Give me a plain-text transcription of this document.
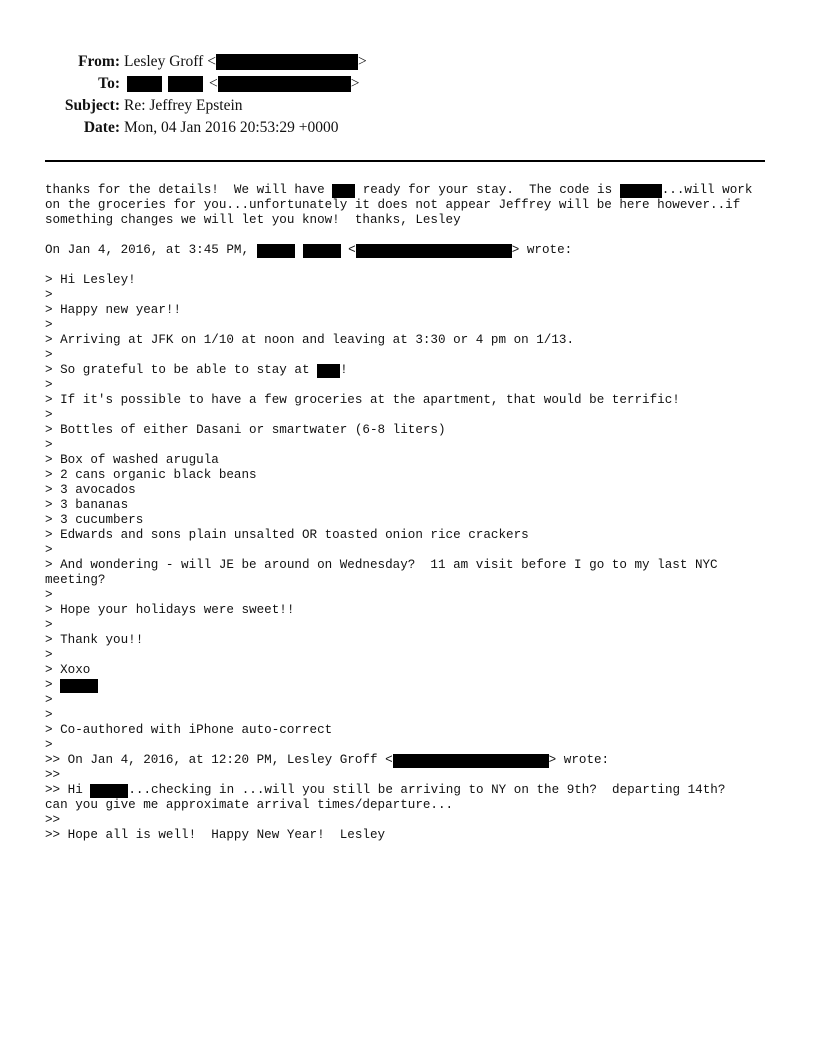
From: Lesley Groff <	>
To:	<	>
Subject: Re: Jeffrey Epstein
Date: Mon, 04 Jan 2016 20:53:29 +0000
thanks for the details!  We will have ready for your stay.  The code is	...will work
on the groceries for you...unfortunately it does not appear Jeffrey will be here however..if
something changes we will let you know!  thanks, Lesley
On Jan 4, 2016, at 3:45 PM,	<	> wrote:
> Hi Lesley!
>
> Happy new year!!
>
> Arriving at JFK on 1/10 at noon and leaving at 3:30 or 4 pm on 1/13.
>
> So grateful to be able to stay at !
>
> If it's possible to have a few groceries at the apartment, that would be terrific!
>
> Bottles of either Dasani or smartwater (6-8 liters)
>
> Box of washed arugula
> 2 cans organic black beans
> 3 avocados
> 3 bananas
> 3 cucumbers
> Edwards and sons plain unsalted OR toasted onion rice crackers
>
> And wondering - will JE be around on Wednesday?  11 am visit before I go to my last NYC
meeting?
>
> Hope your holidays were sweet!!
>
> Thank you!!
>
> Xoxo
>
>
>
> Co-authored with iPhone auto-correct
>
>> On Jan 4, 2016, at 12:20 PM, Lesley Groff <	> wrote:
>>
>> Hi	...checking in ...will you still be arriving to NY on the 9th?  departing 14th?
can you give me approximate arrival times/departure...
>>
>> Hope all is well!  Happy New Year!  Lesley
